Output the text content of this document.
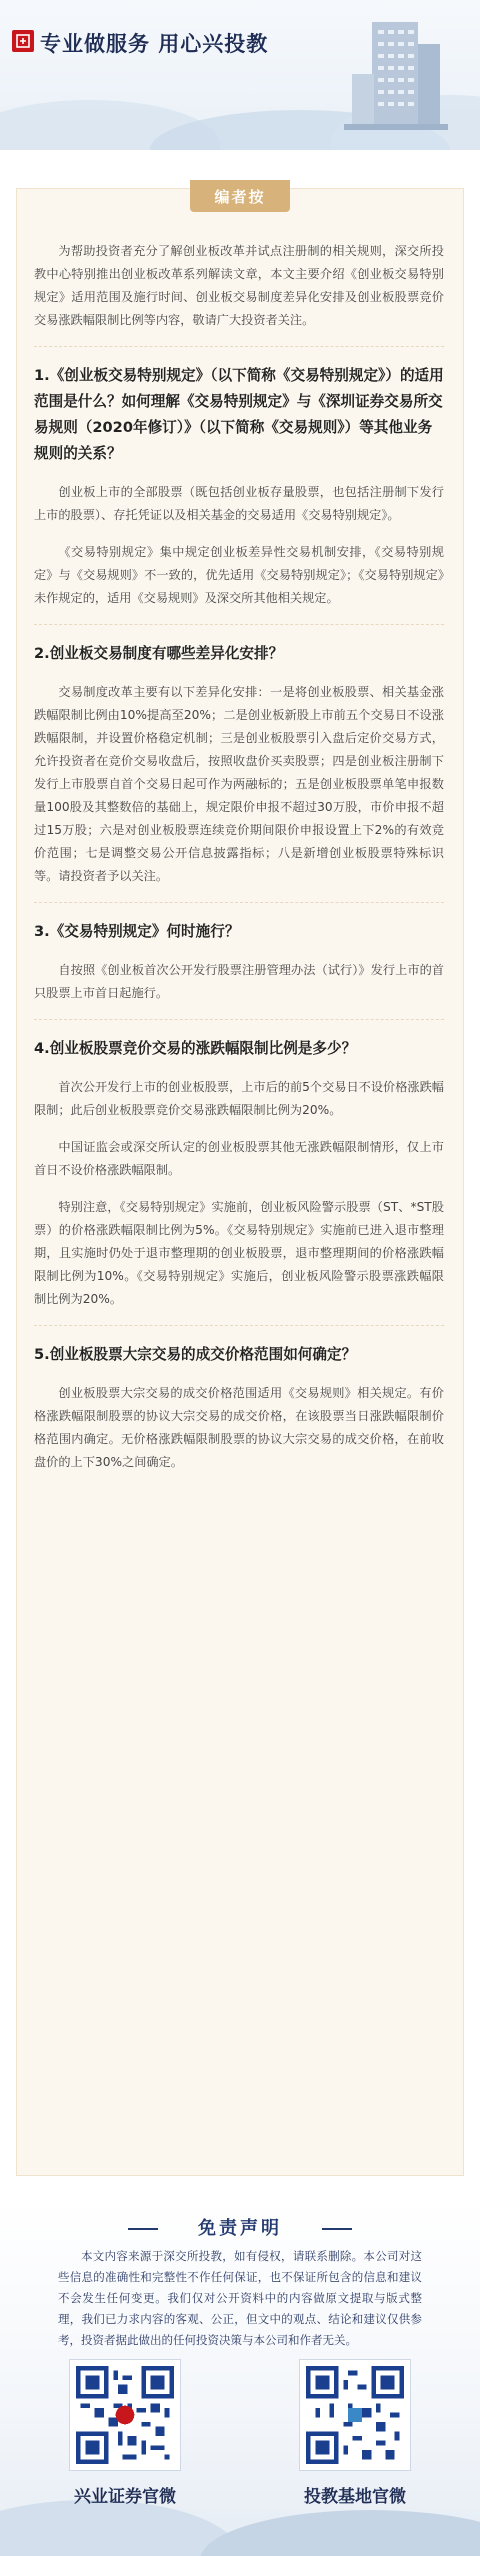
专业做服务 用心兴投教
编者按

为帮助投资者充分了解创业板改革并试点注册制的相关规则，深交所投教中心特别推出创业板改革系列解读文章，本文主要介绍《创业板交易特别规定》适用范围及施行时间、创业板交易制度差异化安排及创业板股票竞价交易涨跌幅限制比例等内容，敬请广大投资者关注。

1.《创业板交易特别规定》（以下简称《交易特别规定》）的适用范围是什么？如何理解《交易特别规定》与《深圳证券交易所交易规则（2020年修订）》（以下简称《交易规则》）等其他业务规则的关系？

创业板上市的全部股票（既包括创业板存量股票，也包括注册制下发行上市的股票）、存托凭证以及相关基金的交易适用《交易特别规定》。

《交易特别规定》集中规定创业板差异性交易机制安排，《交易特别规定》与《交易规则》不一致的，优先适用《交易特别规定》；《交易特别规定》未作规定的，适用《交易规则》及深交所其他相关规定。

2.创业板交易制度有哪些差异化安排？

交易制度改革主要有以下差异化安排：一是将创业板股票、相关基金涨跌幅限制比例由10%提高至20%；二是创业板新股上市前五个交易日不设涨跌幅限制，并设置价格稳定机制；三是创业板股票引入盘后定价交易方式，允许投资者在竞价交易收盘后，按照收盘价买卖股票；四是创业板注册制下发行上市股票自首个交易日起可作为两融标的；五是创业板股票单笔申报数量100股及其整数倍的基础上，规定限价申报不超过30万股，市价申报不超过15万股；六是对创业板股票连续竞价期间限价申报设置上下2%的有效竞价范围；七是调整交易公开信息披露指标；八是新增创业板股票特殊标识等。请投资者予以关注。

3.《交易特别规定》何时施行？

自按照《创业板首次公开发行股票注册管理办法（试行）》发行上市的首只股票上市首日起施行。

4.创业板股票竞价交易的涨跌幅限制比例是多少？

首次公开发行上市的创业板股票，上市后的前5个交易日不设价格涨跌幅限制；此后创业板股票竞价交易涨跌幅限制比例为20%。

中国证监会或深交所认定的创业板股票其他无涨跌幅限制情形，仅上市首日不设价格涨跌幅限制。

特别注意，《交易特别规定》实施前，创业板风险警示股票（ST、*ST股票）的价格涨跌幅限制比例为5%。《交易特别规定》实施前已进入退市整理期，且实施时仍处于退市整理期的创业板股票，退市整理期间的价格涨跌幅限制比例为10%。《交易特别规定》实施后，创业板风险警示股票涨跌幅限制比例为20%。

5.创业板股票大宗交易的成交价格范围如何确定？

创业板股票大宗交易的成交价格范围适用《交易规则》相关规定。有价格涨跌幅限制股票的协议大宗交易的成交价格，在该股票当日涨跌幅限制价格范围内确定。无价格涨跌幅限制股票的协议大宗交易的成交价格，在前收盘价的上下30%之间确定。

免责声明

本文内容来源于深交所投教，如有侵权，请联系删除。本公司对这些信息的准确性和完整性不作任何保证，也不保证所包含的信息和建议不会发生任何变更。我们仅对公开资料中的内容做原文提取与版式整理，我们已力求内容的客观、公正，但文中的观点、结论和建议仅供参考，投资者据此做出的任何投资决策与本公司和作者无关。

兴业证券官微	投教基地官微
